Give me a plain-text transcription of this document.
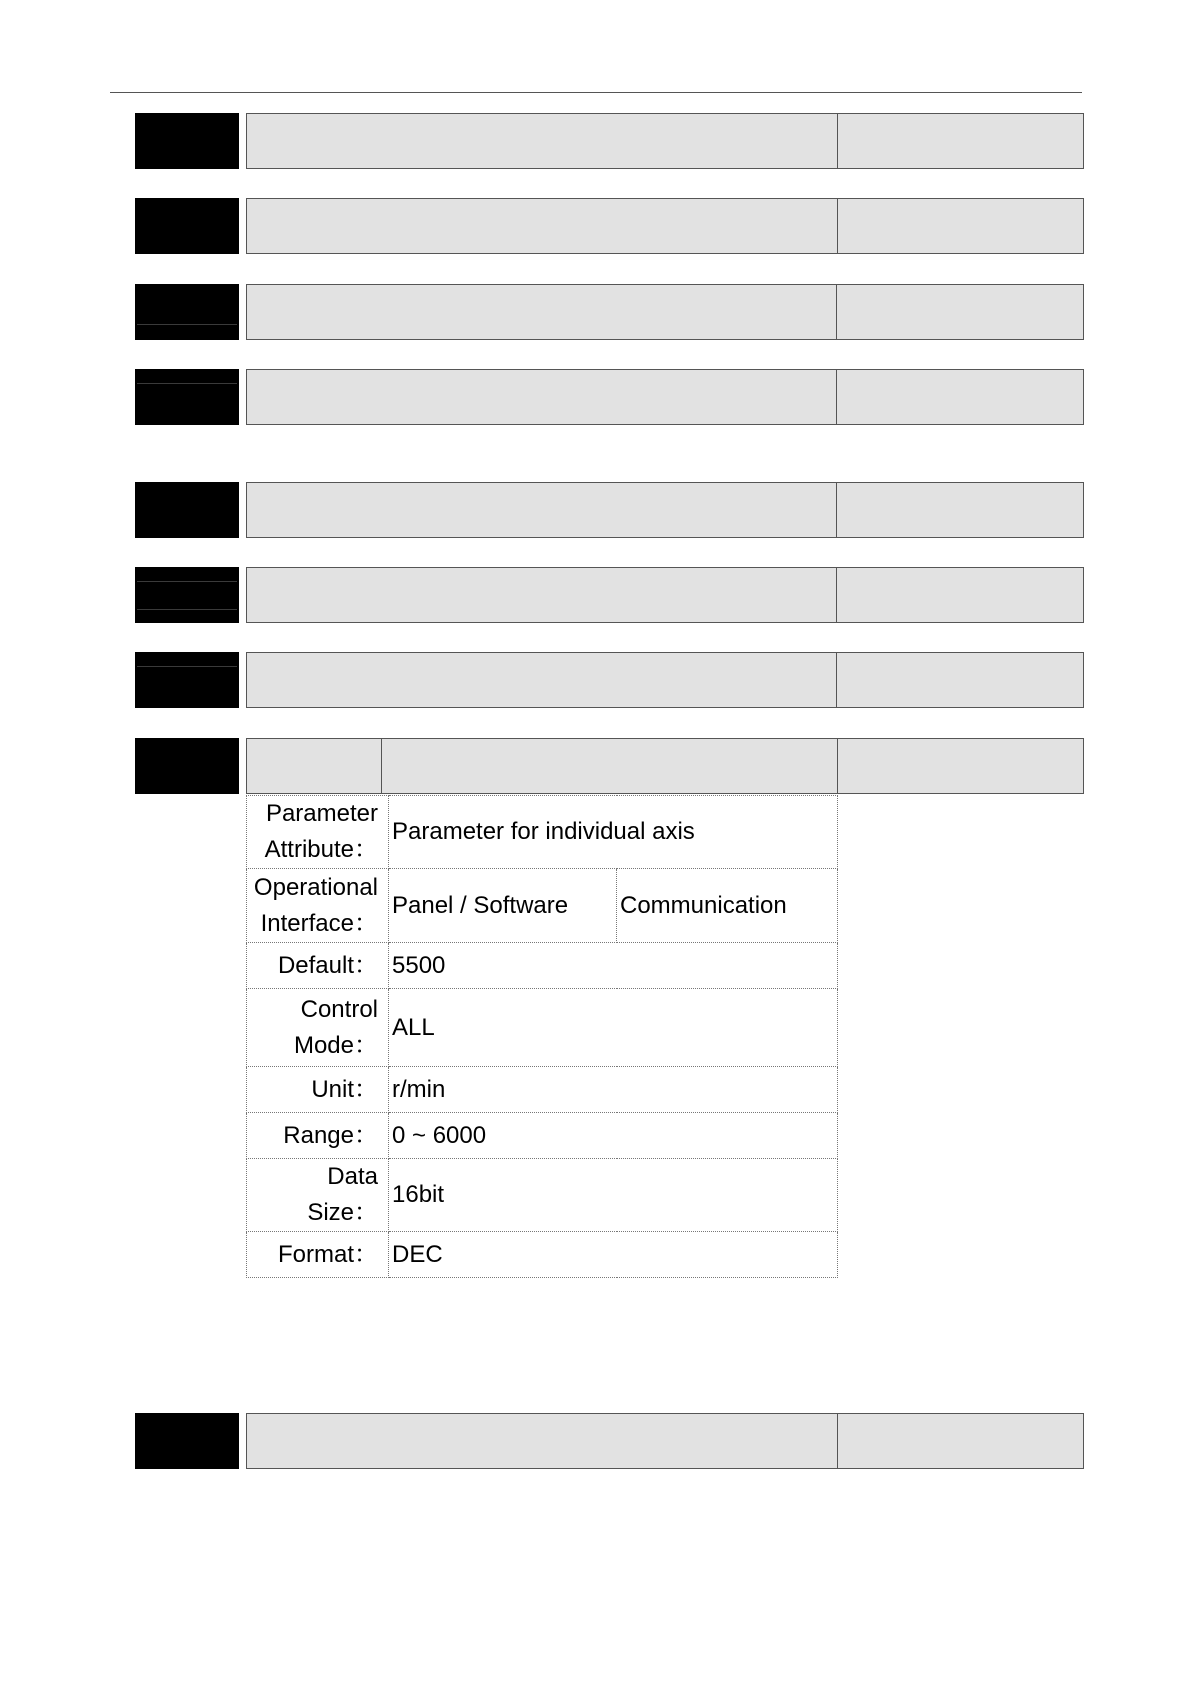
Parameter
Attribute：	Parameter for individual axis	
Operational
Interface：	Panel / Software	Communication
Default：	5500	
Control
Mode：	ALL	
Unit：	r/min	
Range：	0 ~ 6000	
Data Size：	16bit	
Format：	DEC	
